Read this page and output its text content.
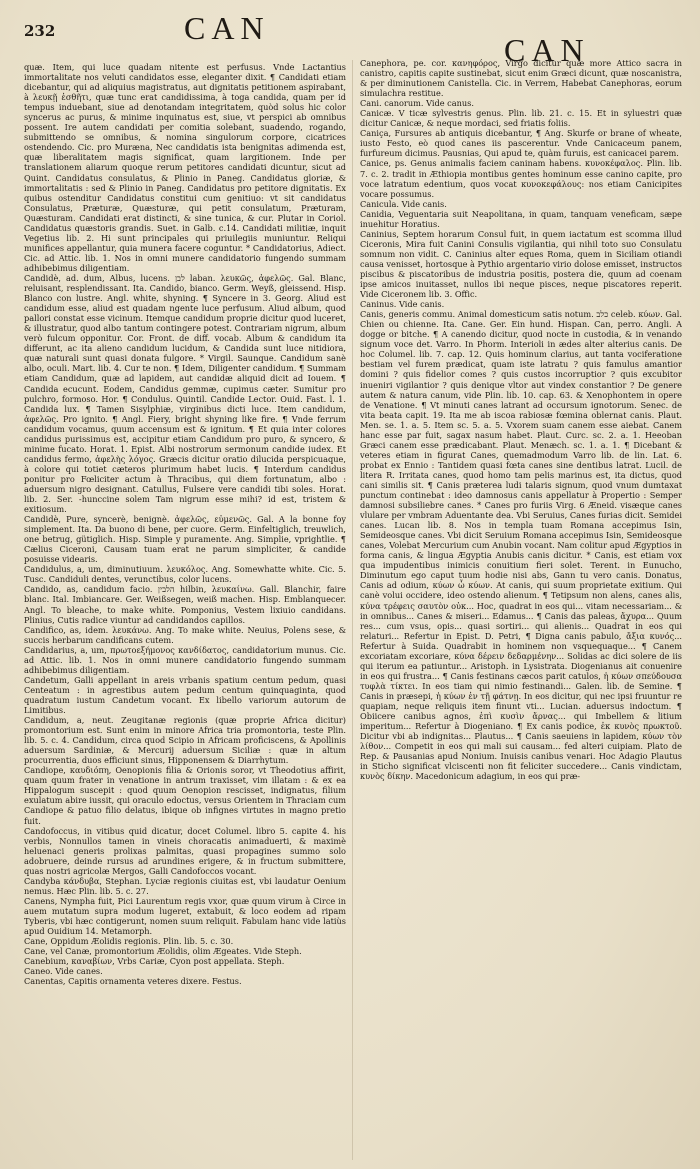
232	CAN
CAN

quæ. Item, qui luce quadam nitente est perfusus. Vnde Lactantius immortalitate nos veluti candidatos esse, eleganter dixit. ¶ Candidati etiam dicebantur, qui ad aliquius magistratus, aut dignitatis petitionem aspirabant, à λευκῇ ἐσθῆτι, quæ tunc erat candidissima, à toga candida, quam per id tempus induebant, siue ad denotandam integritatem, quòd solus hic color syncerus ac purus, & minime inquinatus est, siue, vt perspici ab omnibus possent. Ire autem candidati per comitia solebant, suadendo, rogando, submittendo se omnibus, & nomina singulorum corpore, cicatrices ostendendo. Cic. pro Muræna, Nec candidatis ista benignitas adimenda est, quæ liberalitatem magis significat, quam largitionem. Inde per translationem aliarum quoque rerum petitores candidati dicuntur, sicut ad Quint. Candidatus consulatus, & Plinio in Paneg. Candidatus gloriæ, & immortalitatis : sed & Plinio in Paneg. Candidatus pro petitore dignitatis. Ex quibus ostenditur Candidatus constitui cum genitiuo: vt sit candidatus Consulatus, Præturæ, Quæsturæ, qui petit consulatum, Præturam, Quæsturam. Candidati erat distincti, & sine tunica, & cur. Plutar in Coriol. Candidatus quæstoris grandis. Suet. in Galb. c.14. Candidati militiæ, inquit Vegetius lib. 2. Hi sunt principales qui priuilegiis muniuntur. Reliqui munifices appellantur, quia munera facere coguntur. * Candidatorius, Adiect. Cic. ad Attic. lib. 1. Nos in omni munere candidatorio fungendo summam adhibebimus diligentiam.

Candidè, ad. dum, Albus, lucens. לבן laban. λευκῶς, ἀφελῶς. Gal. Blanc, reluisant, resplendissant. Ita. Candido, bianco. Germ. Weyß, gleissend. Hisp. Blanco con lustre. Angl. white, shyning. ¶ Syncere in 3. Georg. Aliud est candidum esse, aliud est quadam ngente luce perfusum. Aliud album, quod pallori constat esse vicinum. Itemque candidum proprie dicitur quod luceret, & illustratur, quod albo tantum contingere potest. Contrariam nigrum, album verò fulcum opponitur. Cor. Front. de diff. vocab. Album & candidum ita differunt, ac ita alieno candidum lucidum, & Candida sunt luce nitidiora, quæ naturali sunt quasi donata fulgore. * Virgil. Saunque. Candidum sanè albo, oculi. Mart. lib. 4. Cur te non. ¶ Idem, Diligenter candidum. ¶ Summam etiam Candidum, quæ ad lapidem, aut candidæ aliquid dicit ad Iouem. ¶ Candida ecucunt. Eodem, Candidus gemmæ, cupimus cæter. Sumitur pro pulchro, formoso. Hor. ¶ Condulus. Quintil. Candide Lector. Ouid. Fast. l. 1. Candida lux. ¶ Tamen Sisylphiæ, virginibus dicti luce. Item candidum, ἀφελῶς. Pro ignito. ¶ Angl. Fiery, bright shyning like fire. ¶ Vnde ferrum candidum vocamus, quum accensum est & ignitum. ¶ Et quia inter colores candidus purissimus est, accipitur etiam Candidum pro puro, & syncero, & minime fucato. Horat. 1. Epist. Albi nostrorum sermonum candide iudex. Et candidus fermo, ἀφελὴς λόγος. Græcis dicitur oratio dilucida perspicuaque, à colore qui totiet cæteros plurimum habet lucis. ¶ Interdum candidus ponitur pro Fœliciter actum à Thracibus, qui diem fortunatum, albo : aduersum nigro designant. Catullus, Fulsere vere candidi tibi soles. Horat. lib. 2. Ser. -hunccine solem Tam nigrum esse mihi? id est, tristem & exitiosum.

Candidè, Pure, syncerè, benignè. ἀφελῶς, εὐμενῶς. Gal. A la bonne foy simplement. Ita. Da buono di bene, per cuore. Germ. Einfeltiglich, treuwlich, one betrug, gütiglich. Hisp. Simple y puramente. Ang. Simplie, vprightlie. ¶ Cælius Ciceroni, Causam tuam erat ne parum simpliciter, & candide posuisse videaris.

Candidulus, a, um, diminutiuum. λευκόλος. Ang. Somewhatte white. Cic. 5. Tusc. Candiduli dentes, verunctibus, color lucens.

Candido, as, candidum facio. הלבין hilbin, λευκαίνω. Gall. Blanchir, faire blanc. Ital. Imbiancare. Ger. Weißsegen, weiß machen. Hisp. Emblanquecer. Angl. To bleache, to make white. Pomponius, Vestem lixiuio candidans. Plinius, Cutis radice viuntur ad candidandos capillos.

Candifico, as, idem. λευκάνω. Ang. To make white. Neuius, Polens sese, & succis herbarum candificans cutem.

Candidarius, a, um, πρωτοεξήμονος κανδίδατος, candidatorium munus. Cic. ad Attic. lib. 1. Nos in omni munere candidatorio fungendo summam adhibebimus diligentiam.

Candetum, Galli appellant in areis vrbanis spatium centum pedum, quasi Centeatum : in agrestibus autem pedum centum quinquaginta, quod quadratum iustum Candetum vocant. Ex libello variorum autorum de Limitibus.

Candidum, a, neut. Zeugitanæ regionis (quæ proprie Africa dicitur) promontorium est. Sunt enim in minore Africa tria promontoria, teste Plin. lib. 5. c. 4. Candidum, circa quod Scipio in Africam proficiscens, & Apollinis aduersum Sardiniæ, & Mercurij aduersum Siciliæ : quæ in altum procurrentia, duos efficiunt sinus, Hipponensem & Diarrhytum.

Candiope, καυδιόπη, Oenopionis filia & Orionis soror, vt Theodotius affirit, quam quum frater in venatione in antrum traxisset, vim illatam : & ex ea Hippalogum suscepit : quod quum Oenopion rescisset, indignatus, filium exulatum abire iussit, qui oraculo edoctus, versus Orientem in Thraciam cum Candiope & patuo filio delatus, ibique ob infignes virtutes in magno pretio fuit.

Candofoccus, in vitibus quid dicatur, docet Columel. libro 5. capite 4. his verbis, Nonnullos tamen in vineis choracatis animaduerti, & maximè heluenaci generis prolixas palmitas, quasi propagines summo solo adobruere, deinde rursus ad arundines erigere, & in fructum submittere, quas nostri agricolæ Mergos, Galli Candofoccos vocant.

Candyba κάνδυβα, Stephan. Lyciæ regionis ciuitas est, vbi laudatur Oenium nemus. Hæc Plin. lib. 5. c. 27.

Canens, Nympha fuit, Pici Laurentum regis vxor, quæ quum virum à Circe in auem mutatum supra modum lugeret, extabuit, & loco eodem ad ripam Tyberis, vbi hæc contigerunt, nomen suum reliquit. Fabulam hanc vide latiùs apud Ouidium 14. Metamorph.

Cane, Oppidum Æolidis regionis. Plin. lib. 5. c. 30.

Cane, vel Canæ, promontorium Æolidis, olim Ægeates. Vide Steph.

Canebium, καναβίων, Vrbs Cariæ, Cyon post appellata. Steph.

Caneo. Vide canes.

Canentas, Capitis ornamenta veteres dixere. Festus.

Canephora, pe. cor. κανηφόρος, Virgo dicitur quæ more Attico sacra in canistro, capitis capite sustinebat, sicut enim Græci dicunt, quæ noscanistra, & per diminutionem Canistella. Cic. in Verrem, Habebat Canephoras, eorum simulachra restitue.

Cani. canorum. Vide canus.

Canicæ. V ticæ sylvestris genus. Plin. lib. 21. c. 15. Et in syluestri quæ dicitur Canicæ, & neque mordaci, sed friatis foliis.

Caniça, Fursures ab antiquis dicebantur, ¶ Ang. Skurfe or brane of wheate, iusto Festo, eò quod canes iis pascerentur. Vnde Canicaceum panem, furfureum dicimus. Pausnias, Qui apud te, quàm furuis, est canicacei parem.

Canice, ps. Genus animalis faciem caninam habens. κυνοκέφαλος. Plin. lib. 7. c. 2. tradit in Æthiopia montibus gentes hominum esse canino capite, pro voce latratum edentium, quos vocat κυνοκεφάλους: nos etiam Canicipites vocare possumus.

Canicula. Vide canis.

Canidia, Veguentaria suit Neapolitana, in quam, tanquam veneficam, sæpe inuehitur Horatius.

Caninius, Septem horarum Consul fuit, in quem iactatum est scomma illud Ciceronis, Mira fuit Canini Consulis vigilantia, qui nihil toto suo Consulatu somnum non vidit. C. Caninius alter eques Roma, quem in Siciliam otiandi causa venisset, hortosque à Pythio argentario virio dolose emisset, instructos piscibus & piscatoribus de industria positis, postera die, quum ad coenam ipse amicos inuitasset, nullos ibi neque pisces, neque piscatores reperit. Vide Ciceronem lib. 3. Offic.

Caninus. Vide canis.

Canis, generis commu. Animal domesticum satis notum. כלב celeb. κύων. Gal. Chien ou chienne. Ita. Cane. Ger. Ein hund. Hispan. Can, perro. Angli. A dogge or bitche. ¶ A canendo dicitur, quod nocte in custodia, & in venando signum voce det. Varro. In Phorm. Interioli in ædes alter alterius canis. De hoc Columel. lib. 7. cap. 12. Quis hominum clarius, aut tanta vociferatione bestiam vel furem prædicat, quam iste latratu ? quis famulus amantior domini ? quis fidelior comes ? quis custos incorruptior ? quis excubitor inueniri vigilantior ? quis denique vltor aut vindex constantior ? De genere autem & natura canum, vide Plin. lib. 10. cap. 63. & Xenophontem in opere de Venatione. ¶ Vt minuti canes latrant ad occursum ignotorum. Senec. de vita beata capit. 19. Ita me ab iscoa rabiosæ fœmina oblernat canis. Plaut. Men. se. 1. a. 5. Item sc. 5. a. 5. Vxorem suam canem esse aiebat. Canem hanc esse par fuit, sagax nasum habet. Plaut. Curc. sc. 2. a. 1. Heeoban Græci canem esse prædicabant. Plaut. Menæch. sc. 1. a. 1. ¶ Dicebant & veteres etiam in figurat Canes, quemadmodum Varro lib. de lin. Lat. 6. probat ex Ennio : Tantidem quasi fœta canes sine dentibus latrat. Lucil. de litera R. Irritata canes, quod homo tam pelis marinus est, ita dictus, quod cani similis sit. ¶ Canis præterea ludi talaris signum, quod vnum dumtaxat punctum continebat : ideo damnosus canis appellatur à Propertio : Semper damnosi subsiliebre canes. * Canes pro furiis Virg. 6 Æneid. visæque canes vlulare per vmbram Aduentante dea. Vbi Seruius, Canes furias dicit. Semidei canes. Lucan lib. 8. Nos in templa tuam Romana accepimus Isin, Semideosque canes. Vbi dicit Seruium Romana accepimus Isin, Semideosque canes, Volebat Mercurium cum Anubin vocant. Nam colitur apud Ægyptios in forma canis, & lingua Ægyptia Anubis canis dicitur. * Canis, est etiam vox qua impudentibus inimicis conuitium fieri solet. Terent. in Eunucho, Diminutum ego caput tuum hodie nisi abs, Gann tu vero canis. Donatus, Canis ad odium, κύων ὦ κύων. At canis, qui suum proprietate exitium. Qui canè volui occidere, ideo ostendo alienum. ¶ Tetipsum non alens, canes alis, κύνα τρέφεις σαυτὸν οὐκ... Hoc, quadrat in eos qui... vitam necessariam... & in omnibus... Canes & miseri... Edamus... ¶ Canis das paleas, ἄχυρα... Quum res... cum vsus, opis... quasi sortiri... qui alienis... Quadrat in eos qui relaturi... Refertur in Epist. D. Petri, ¶ Digna canis pabulo, ἄξια κυνός... Refertur à Suida. Quadrabit in hominem non vsquequaque... ¶ Canem excoriatam excoriare, κύνα δέρειν δεδαρμένην... Solidas ac dici solere de iis qui iterum ea patiuntur... Aristoph. in Lysistrata. Diogenianus ait conuenire in eos qui frustra... ¶ Canis festinans cæcos parit catulos, ἡ κύων σπεύδουσα τυφλὰ τίκτει. In eos tiam qui nimio festinandi... Galen. lib. de Semine. ¶ Canis in præsepi, ἡ κύων ἐν τῇ φάτνῃ. In eos dicitur, qui nec ipsi fruuntur re quapiam, neque reliquis item finunt vti... Lucian. aduersus indoctum. ¶ Obiicere canibus agnos, ἐπὶ κυσὶν ἄρνας... qui Imbellem & litium imperitum... Refertur à Diogeniano. ¶ Ex canis podice, ἐκ κυνὸς πρωκτοῦ. Dicitur vbi ab indignitas... Plautus... ¶ Canis saeuiens in lapidem, κύων τὸν λίθον... Competit in eos qui mali sui causam... fed alteri cuipiam. Plato de Rep. & Pausanias apud Nonium. Inuisis canibus venari. Hoc Adagio Plautus in Sticho significat vlciscenti non fit feliciter succedere... Canis vindictam, κυνὸς δίκην. Macedonicum adagium, in eos qui præ-
